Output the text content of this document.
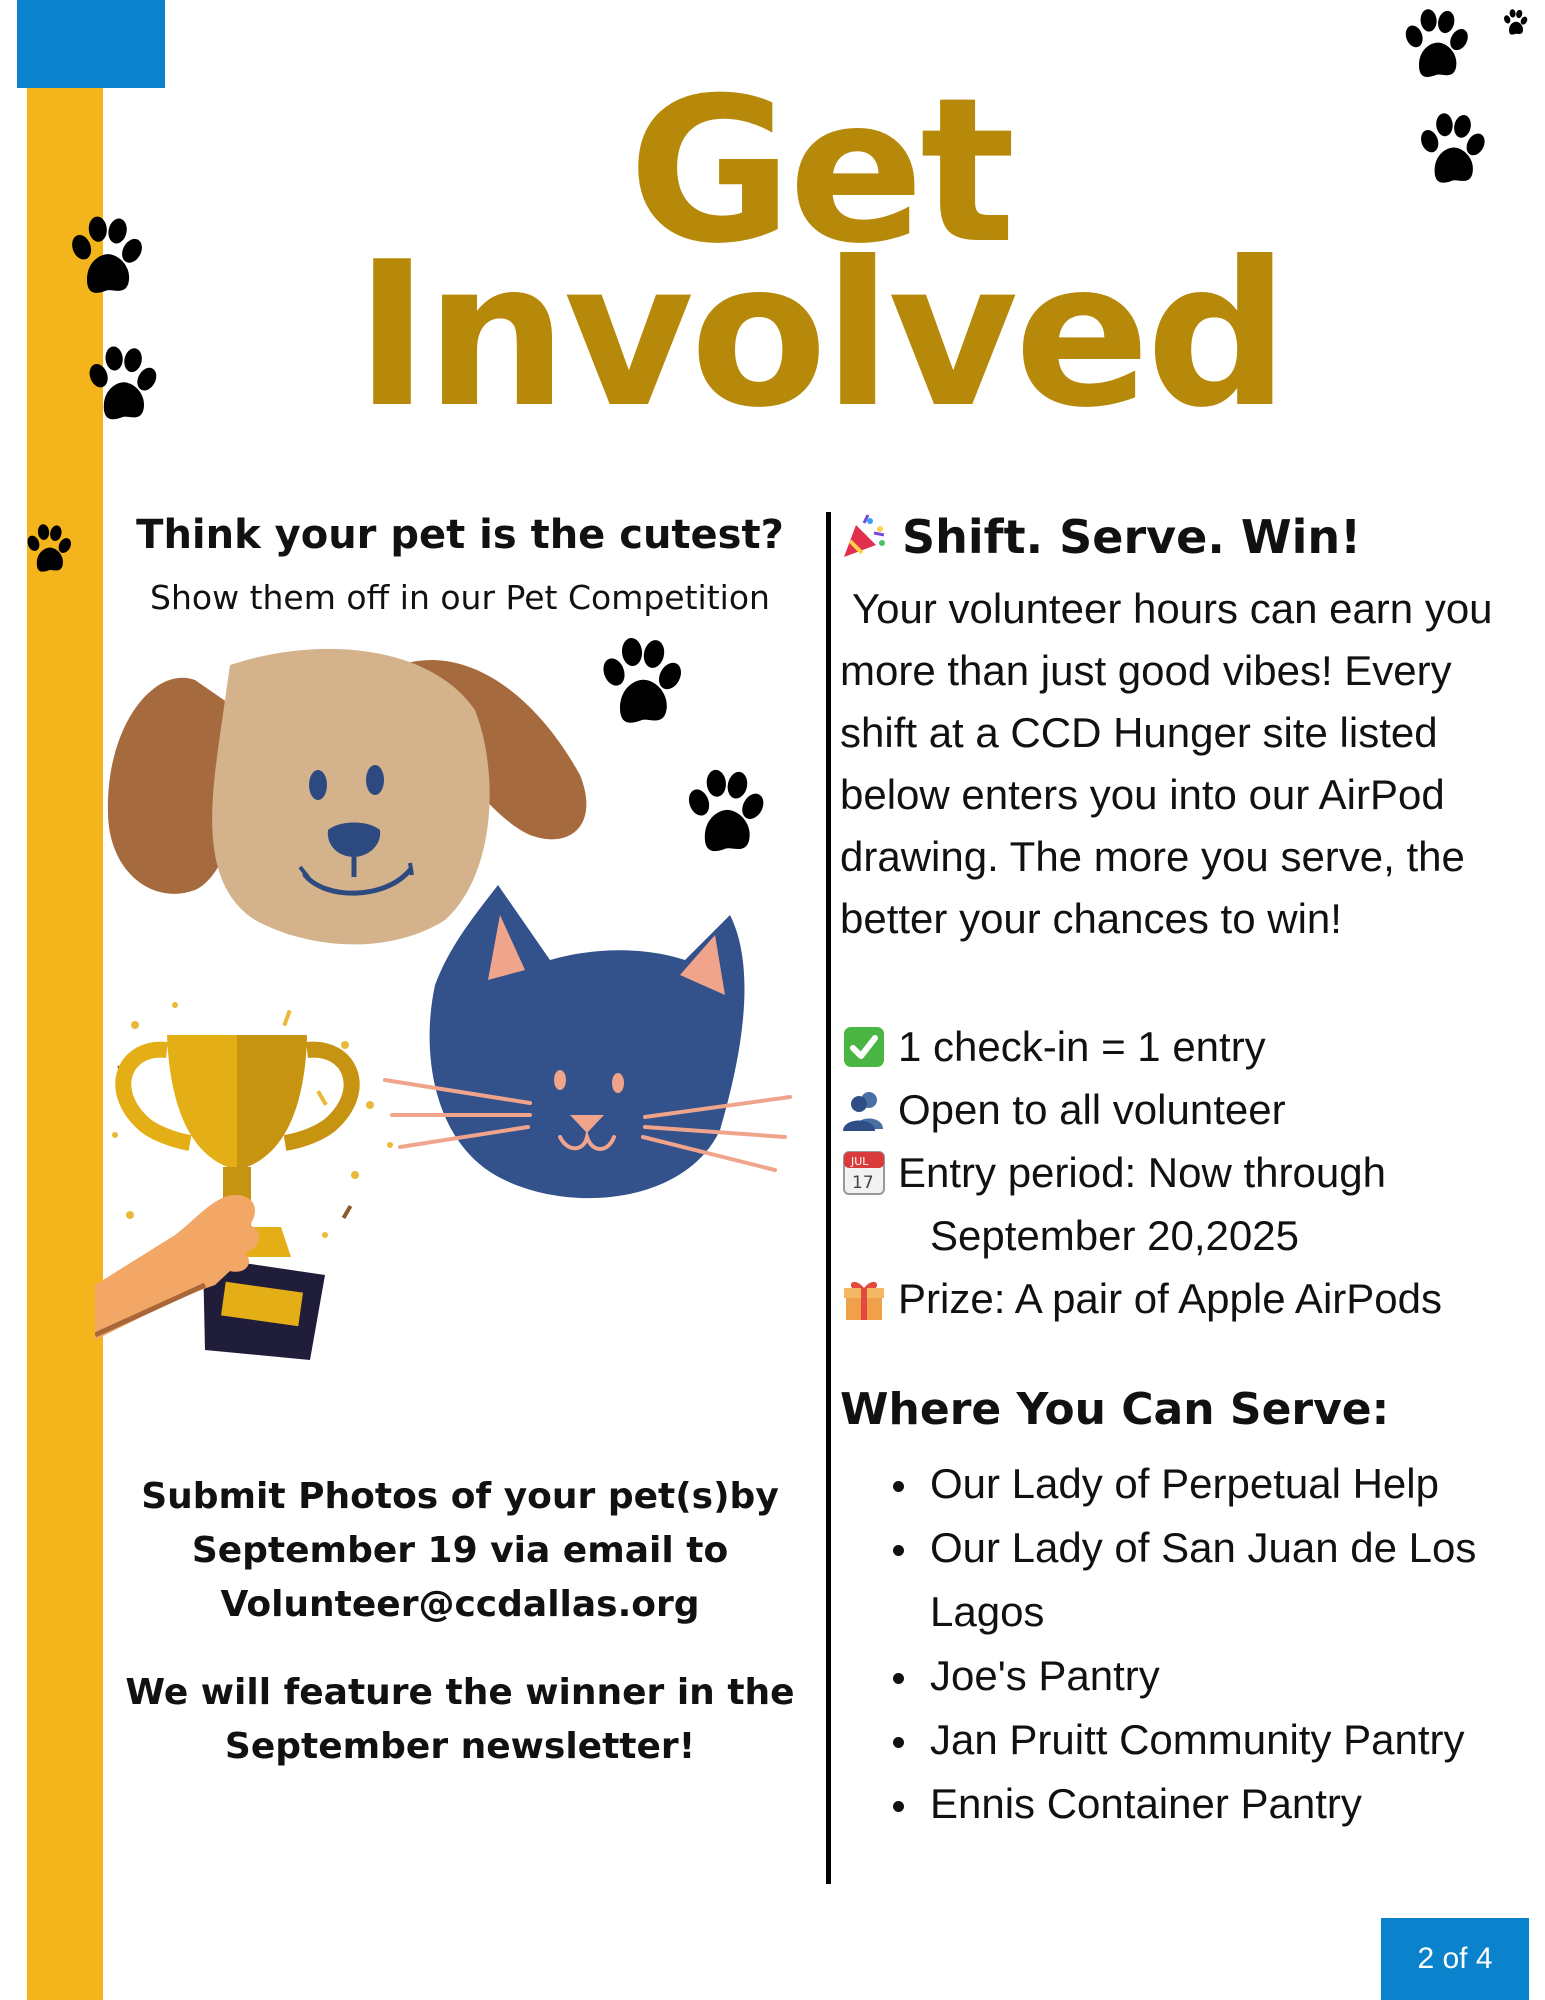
Get
Involved
Think your pet is the cutest?
Show them off in our Pet Competition
Submit Photos of your pet(s)by
September 19 via email to
Volunteer@ccdallas.org
We will feature the winner in the
September newsletter!
Shift. Serve. Win!
Your volunteer hours can earn you
more than just good vibes! Every
shift at a CCD Hunger site listed
below enters you into our AirPod
drawing. The more you serve, the
better your chances to win!
1 check-in = 1 entry
Open to all volunteer
JUL
17 Entry period: Now through
September 20,2025
Prize: A pair of Apple AirPods
Where You Can Serve:
• Our Lady of Perpetual Help
• Our Lady of San Juan de Los
Lagos
• Joe's Pantry
• Jan Pruitt Community Pantry
• Ennis Container Pantry
2 of 4
